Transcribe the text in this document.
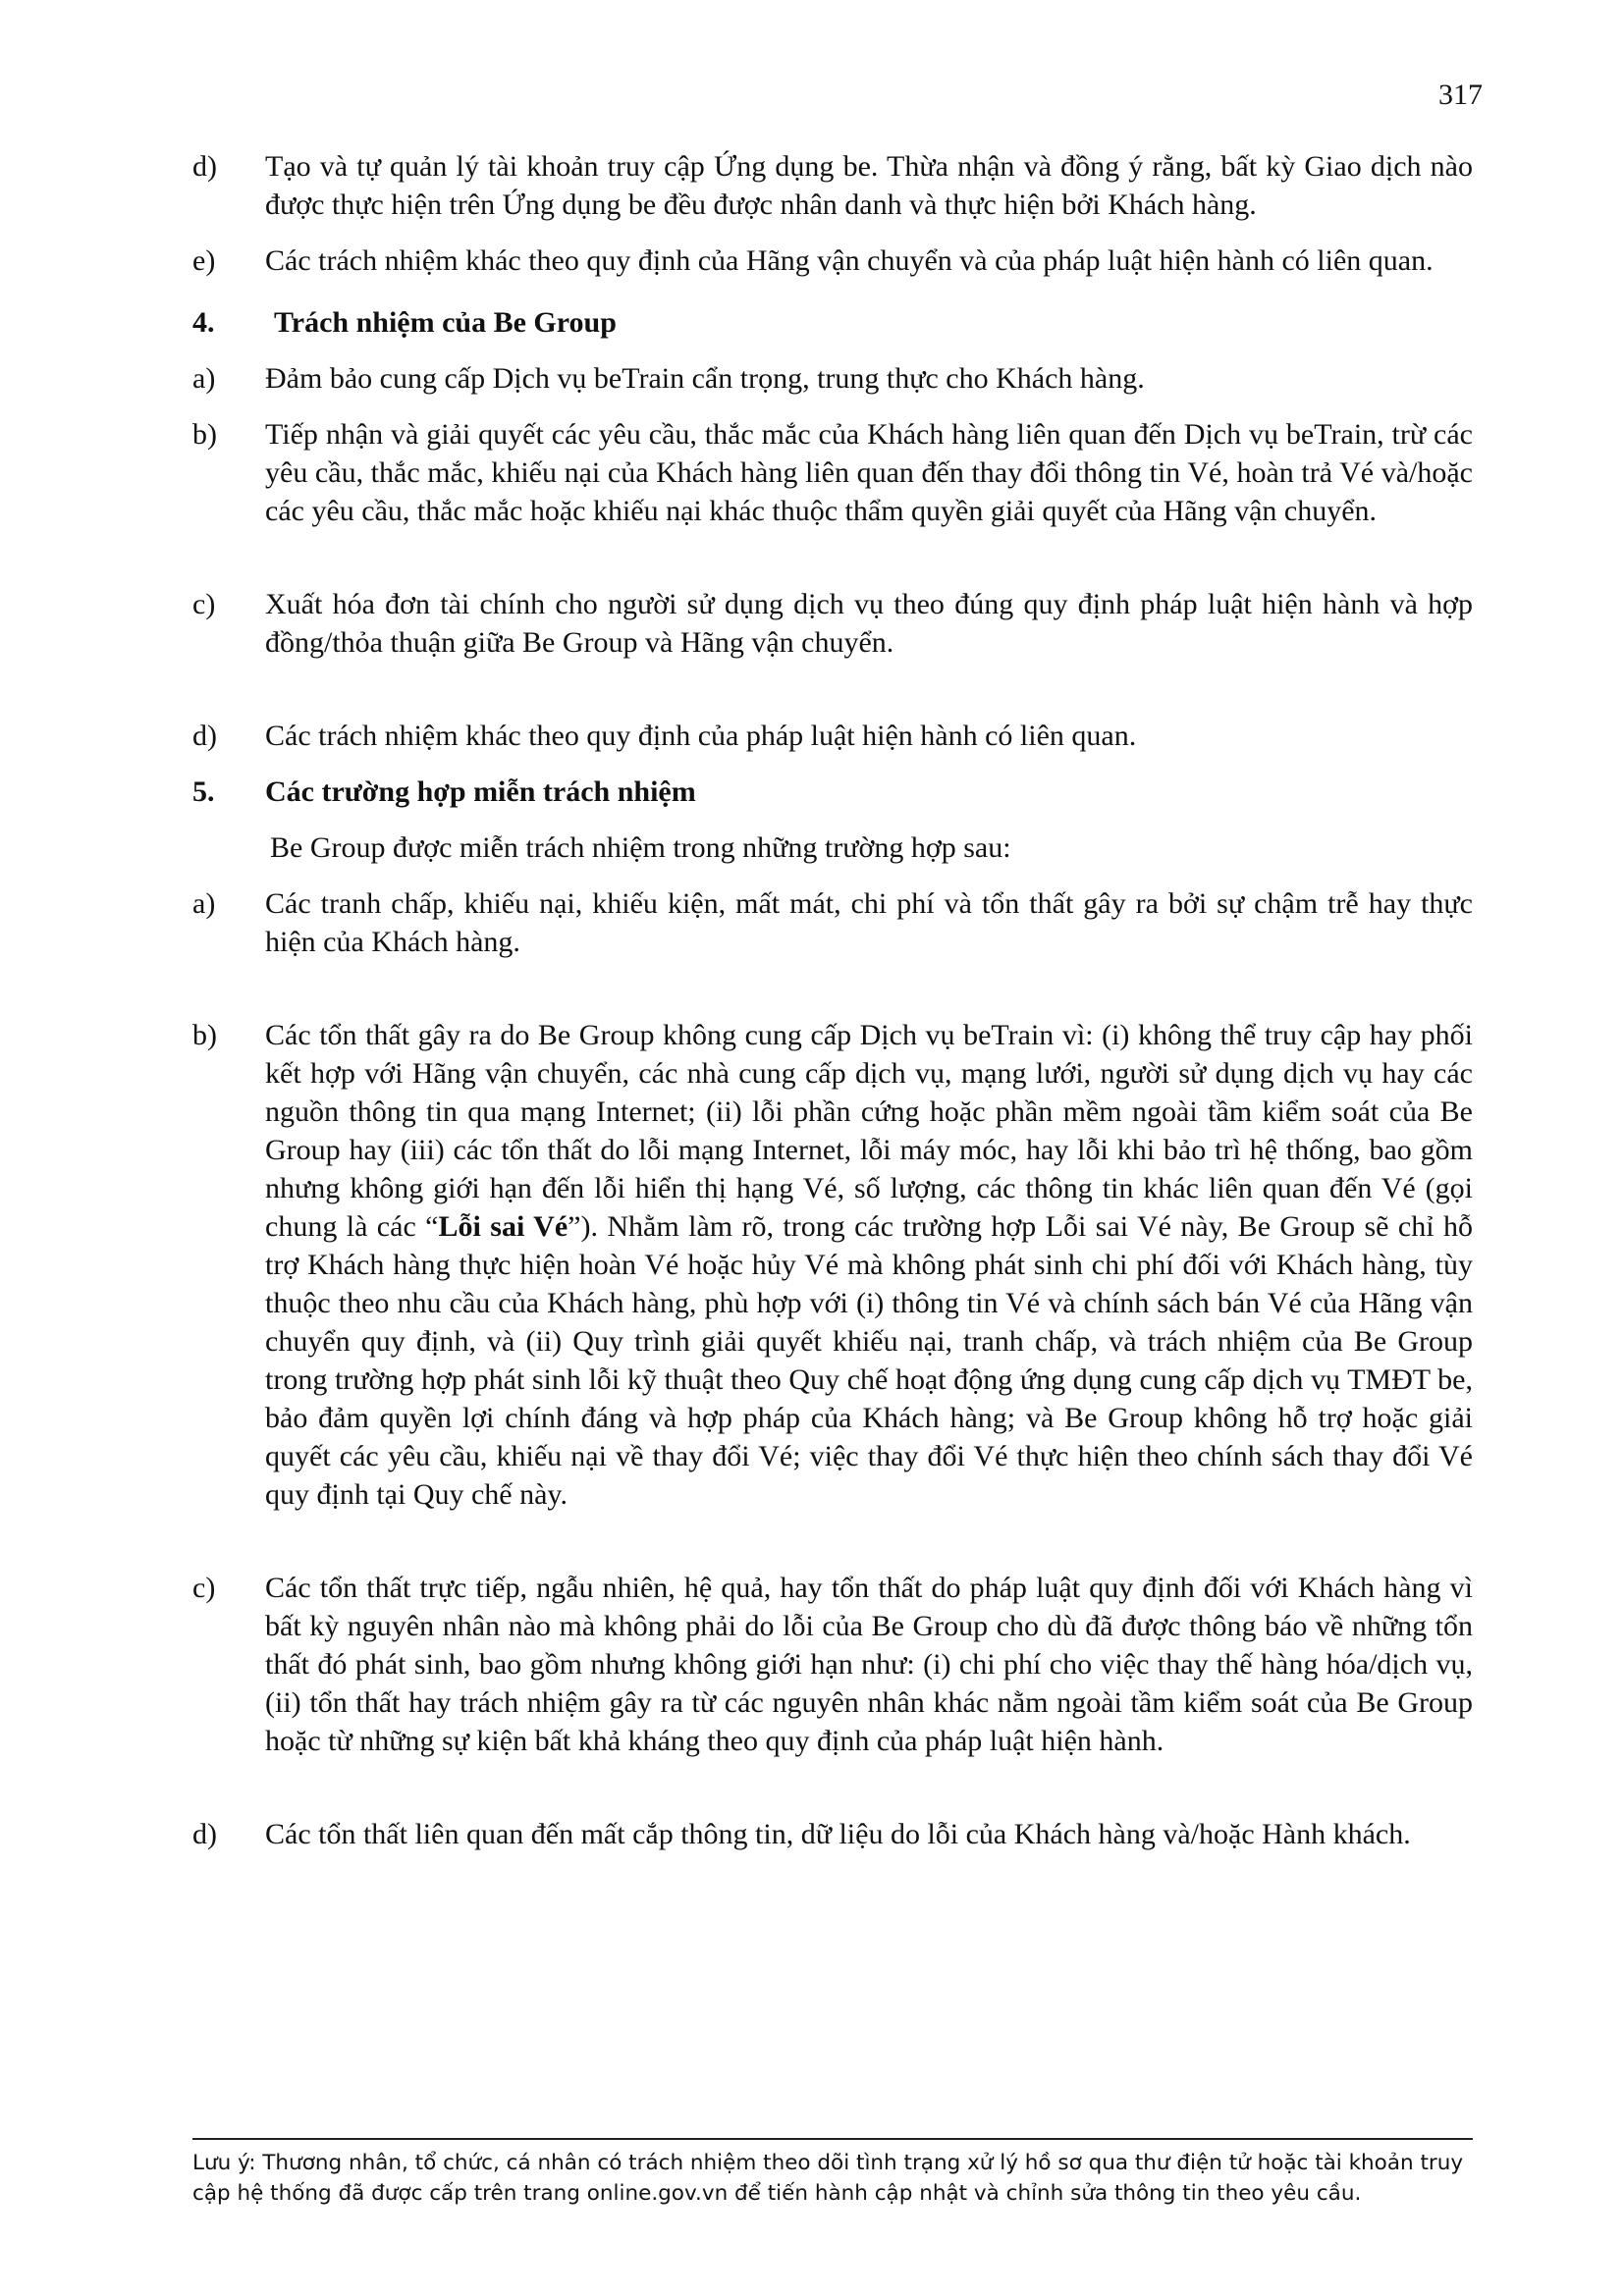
317
d)	Tạo và tự quản lý tài khoản truy cập Ứng dụng be. Thừa nhận và đồng ý rằng, bất kỳ Giao dịch nào được thực hiện trên Ứng dụng be đều được nhân danh và thực hiện bởi Khách hàng.
e)	Các trách nhiệm khác theo quy định của Hãng vận chuyển và của pháp luật hiện hành có liên quan.
4.	Trách nhiệm của Be Group
a)	Đảm bảo cung cấp Dịch vụ beTrain cẩn trọng, trung thực cho Khách hàng.
b)	Tiếp nhận và giải quyết các yêu cầu, thắc mắc của Khách hàng liên quan đến Dịch vụ beTrain, trừ các yêu cầu, thắc mắc, khiếu nại của Khách hàng liên quan đến thay đổi thông tin Vé, hoàn trả Vé và/hoặc các yêu cầu, thắc mắc hoặc khiếu nại khác thuộc thẩm quyền giải quyết của Hãng vận chuyển.
c)	Xuất hóa đơn tài chính cho người sử dụng dịch vụ theo đúng quy định pháp luật hiện hành và hợp đồng/thỏa thuận giữa Be Group và Hãng vận chuyển.
d)	Các trách nhiệm khác theo quy định của pháp luật hiện hành có liên quan.
5.	Các trường hợp miễn trách nhiệm
Be Group được miễn trách nhiệm trong những trường hợp sau:
a)	Các tranh chấp, khiếu nại, khiếu kiện, mất mát, chi phí và tổn thất gây ra bởi sự chậm trễ hay thực hiện của Khách hàng.
b)	Các tổn thất gây ra do Be Group không cung cấp Dịch vụ beTrain vì: (i) không thể truy cập hay phối kết hợp với Hãng vận chuyển, các nhà cung cấp dịch vụ, mạng lưới, người sử dụng dịch vụ hay các nguồn thông tin qua mạng Internet; (ii) lỗi phần cứng hoặc phần mềm ngoài tầm kiểm soát của Be Group hay (iii) các tổn thất do lỗi mạng Internet, lỗi máy móc, hay lỗi khi bảo trì hệ thống, bao gồm nhưng không giới hạn đến lỗi hiển thị hạng Vé, số lượng, các thông tin khác liên quan đến Vé (gọi chung là các “Lỗi sai Vé”). Nhằm làm rõ, trong các trường hợp Lỗi sai Vé này, Be Group sẽ chỉ hỗ trợ Khách hàng thực hiện hoàn Vé hoặc hủy Vé mà không phát sinh chi phí đối với Khách hàng, tùy thuộc theo nhu cầu của Khách hàng, phù hợp với (i) thông tin Vé và chính sách bán Vé của Hãng vận chuyển quy định, và (ii) Quy trình giải quyết khiếu nại, tranh chấp, và trách nhiệm của Be Group trong trường hợp phát sinh lỗi kỹ thuật theo Quy chế hoạt động ứng dụng cung cấp dịch vụ TMĐT be, bảo đảm quyền lợi chính đáng và hợp pháp của Khách hàng; và Be Group không hỗ trợ hoặc giải quyết các yêu cầu, khiếu nại về thay đổi Vé; việc thay đổi Vé thực hiện theo chính sách thay đổi Vé quy định tại Quy chế này.
c)	Các tổn thất trực tiếp, ngẫu nhiên, hệ quả, hay tổn thất do pháp luật quy định đối với Khách hàng vì bất kỳ nguyên nhân nào mà không phải do lỗi của Be Group cho dù đã được thông báo về những tổn thất đó phát sinh, bao gồm nhưng không giới hạn như: (i) chi phí cho việc thay thế hàng hóa/dịch vụ, (ii) tổn thất hay trách nhiệm gây ra từ các nguyên nhân khác nằm ngoài tầm kiểm soát của Be Group hoặc từ những sự kiện bất khả kháng theo quy định của pháp luật hiện hành.
d)	Các tổn thất liên quan đến mất cắp thông tin, dữ liệu do lỗi của Khách hàng và/hoặc Hành khách.
Lưu ý: Thương nhân, tổ chức, cá nhân có trách nhiệm theo dõi tình trạng xử lý hồ sơ qua thư điện tử hoặc tài khoản truy
cập hệ thống đã được cấp trên trang online.gov.vn để tiến hành cập nhật và chỉnh sửa thông tin theo yêu cầu.
